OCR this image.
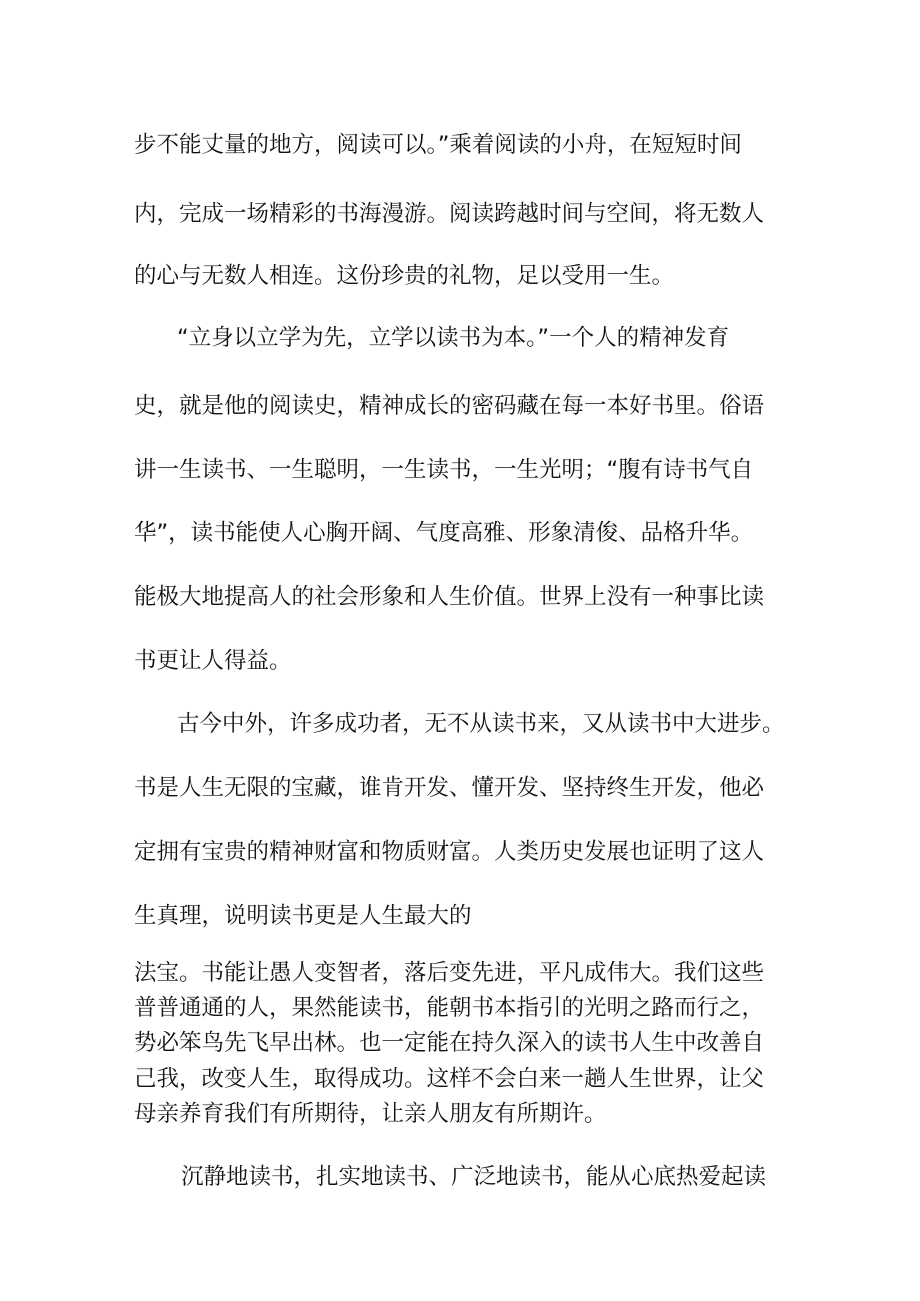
步不能丈量的地方，阅读可以。”乘着阅读的小舟，在短短时间
内，完成一场精彩的书海漫游。阅读跨越时间与空间，将无数人
的心与无数人相连。这份珍贵的礼物，足以受用一生。
“立身以立学为先，立学以读书为本。”一个人的精神发育
史，就是他的阅读史，精神成长的密码藏在每一本好书里。俗语
讲一生读书、一生聪明，一生读书，一生光明；“腹有诗书气自
华”，读书能使人心胸开阔、气度高雅、形象清俊、品格升华。
能极大地提高人的社会形象和人生价值。世界上没有一种事比读
书更让人得益。
古今中外，许多成功者，无不从读书来，又从读书中大进步。
书是人生无限的宝藏，谁肯开发、懂开发、坚持终生开发，他必
定拥有宝贵的精神财富和物质财富。人类历史发展也证明了这人
生真理，说明读书更是人生最大的
法宝。书能让愚人变智者，落后变先进，平凡成伟大。我们这些
普普通通的人，果然能读书，能朝书本指引的光明之路而行之，
势必笨鸟先飞早出林。也一定能在持久深入的读书人生中改善自
己我，改变人生，取得成功。这样不会白来一趟人生世界，让父
母亲养育我们有所期待，让亲人朋友有所期许。
沉静地读书，扎实地读书、广泛地读书，能从心底热爱起读
